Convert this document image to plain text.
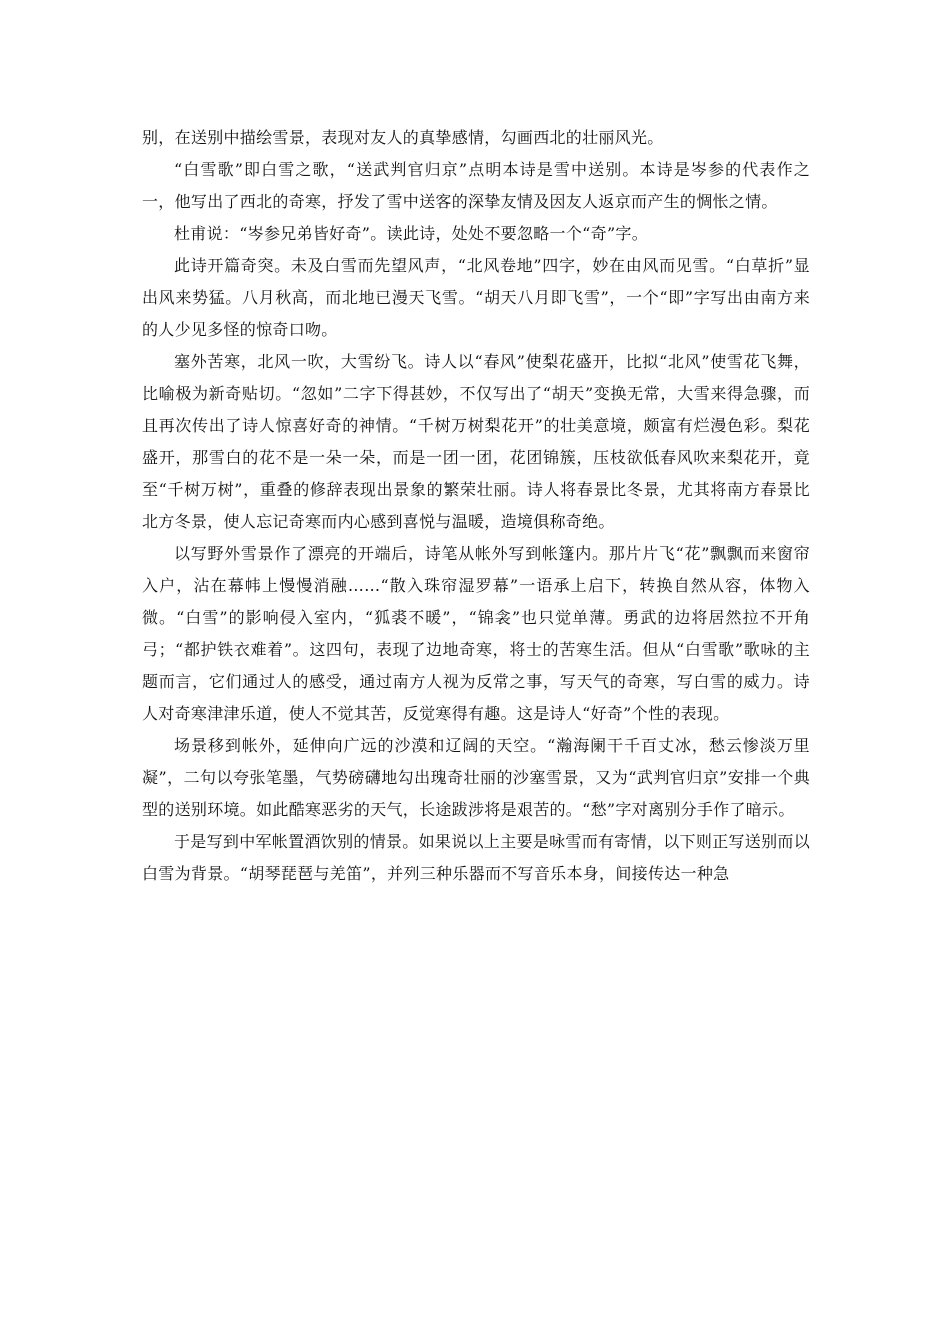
别，在送别中描绘雪景，表现对友人的真挚感情，勾画西北的壮丽风光。

“白雪歌”即白雪之歌，“送武判官归京”点明本诗是雪中送别。本诗是岑参的代表作之一，他写出了西北的奇寒，抒发了雪中送客的深挚友情及因友人返京而产生的惆怅之情。

杜甫说：“岑参兄弟皆好奇”。读此诗，处处不要忽略一个“奇”字。

此诗开篇奇突。未及白雪而先望风声，“北风卷地”四字，妙在由风而见雪。“白草折”显出风来势猛。八月秋高，而北地已漫天飞雪。“胡天八月即飞雪”，一个“即”字写出由南方来的人少见多怪的惊奇口吻。

塞外苦寒，北风一吹，大雪纷飞。诗人以“春风”使梨花盛开，比拟“北风”使雪花飞舞，比喻极为新奇贴切。“忽如”二字下得甚妙，不仅写出了“胡天”变换无常，大雪来得急骤，而且再次传出了诗人惊喜好奇的神情。“千树万树梨花开”的壮美意境，颇富有烂漫色彩。梨花盛开，那雪白的花不是一朵一朵，而是一团一团，花团锦簇，压枝欲低春风吹来梨花开，竟至“千树万树”，重叠的修辞表现出景象的繁荣壮丽。诗人将春景比冬景，尤其将南方春景比北方冬景，使人忘记奇寒而内心感到喜悦与温暖，造境俱称奇绝。

以写野外雪景作了漂亮的开端后，诗笔从帐外写到帐篷内。那片片飞“花”飘飘而来窗帘入户，沾在幕帏上慢慢消融……“散入珠帘湿罗幕”一语承上启下，转换自然从容，体物入微。“白雪”的影响侵入室内，“狐裘不暖”，“锦衾”也只觉单薄。勇武的边将居然拉不开角弓；“都护铁衣难着”。这四句，表现了边地奇寒，将士的苦寒生活。但从“白雪歌”歌咏的主题而言，它们通过人的感受，通过南方人视为反常之事，写天气的奇寒，写白雪的威力。诗人对奇寒津津乐道，使人不觉其苦，反觉寒得有趣。这是诗人“好奇”个性的表现。

场景移到帐外，延伸向广远的沙漠和辽阔的天空。“瀚海阑干千百丈冰，愁云惨淡万里凝”，二句以夸张笔墨，气势磅礴地勾出瑰奇壮丽的沙塞雪景，又为“武判官归京”安排一个典型的送别环境。如此酷寒恶劣的天气，长途跋涉将是艰苦的。“愁”字对离别分手作了暗示。

于是写到中军帐置酒饮别的情景。如果说以上主要是咏雪而有寄情，以下则正写送别而以白雪为背景。“胡琴琵琶与羌笛”，并列三种乐器而不写音乐本身，间接传达一种急
